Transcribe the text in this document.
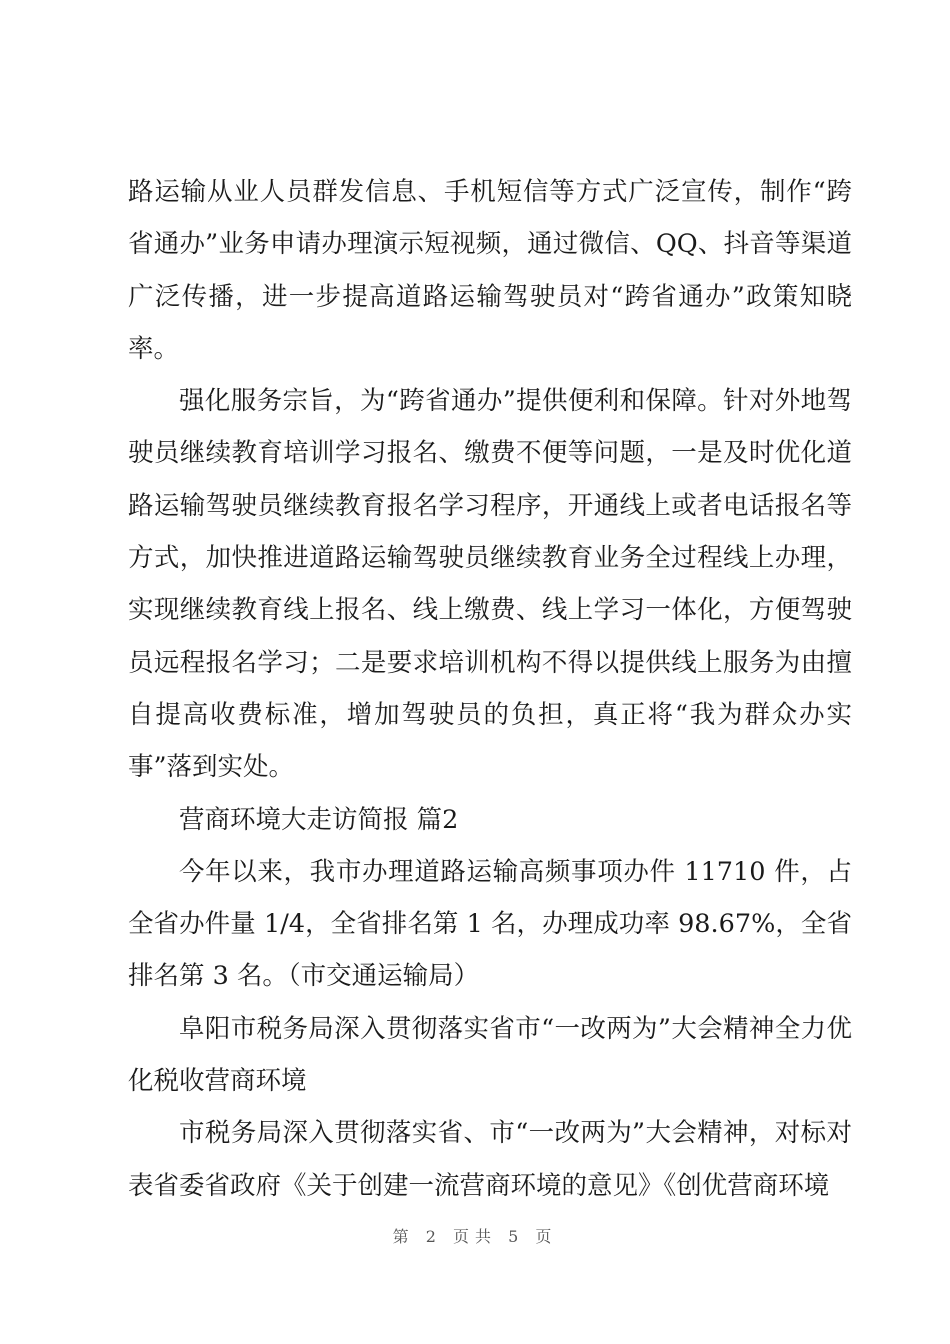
路运输从业人员群发信息、手机短信等方式广泛宣传，制作“跨省通办”业务申请办理演示短视频，通过微信、QQ、抖音等渠道广泛传播，进一步提高道路运输驾驶员对“跨省通办”政策知晓率。

强化服务宗旨，为“跨省通办”提供便利和保障。针对外地驾驶员继续教育培训学习报名、缴费不便等问题，一是及时优化道路运输驾驶员继续教育报名学习程序，开通线上或者电话报名等方式，加快推进道路运输驾驶员继续教育业务全过程线上办理，实现继续教育线上报名、线上缴费、线上学习一体化，方便驾驶员远程报名学习；二是要求培训机构不得以提供线上服务为由擅自提高收费标准，增加驾驶员的负担，真正将“我为群众办实事”落到实处。

营商环境大走访简报 篇2

今年以来，我市办理道路运输高频事项办件 11710 件，占全省办件量 1/4，全省排名第 1 名，办理成功率 98.67%，全省排名第 3 名。（市交通运输局）

阜阳市税务局深入贯彻落实省市“一改两为”大会精神全力优化税收营商环境

市税务局深入贯彻落实省、市“一改两为”大会精神，对标对表省委省政府《关于创建一流营商环境的意见》《创优营商环境

第 2 页共 5 页
